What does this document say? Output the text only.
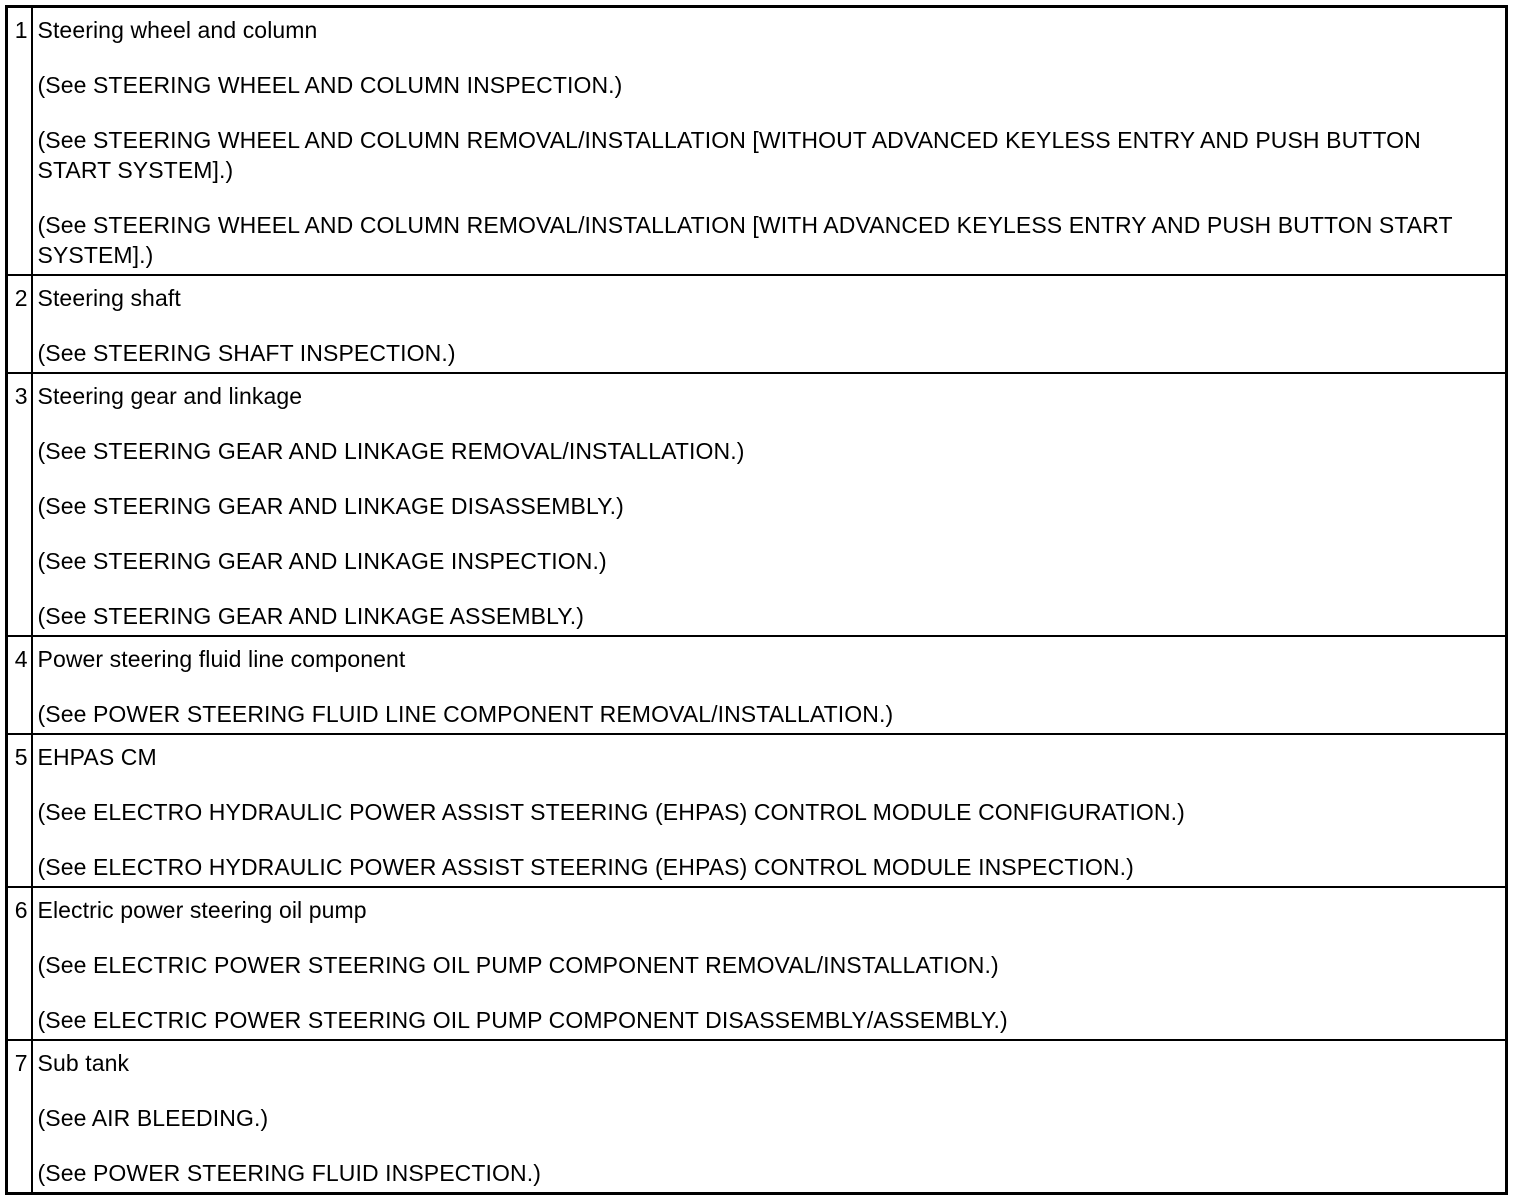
1	Steering wheel and column

(See STEERING WHEEL AND COLUMN INSPECTION.)

(See STEERING WHEEL AND COLUMN REMOVAL/INSTALLATION [WITHOUT ADVANCED KEYLESS ENTRY AND PUSH BUTTON START SYSTEM].)

(See STEERING WHEEL AND COLUMN REMOVAL/INSTALLATION [WITH ADVANCED KEYLESS ENTRY AND PUSH BUTTON START SYSTEM].)

2	Steering shaft

(See STEERING SHAFT INSPECTION.)

3	Steering gear and linkage

(See STEERING GEAR AND LINKAGE REMOVAL/INSTALLATION.)

(See STEERING GEAR AND LINKAGE DISASSEMBLY.)

(See STEERING GEAR AND LINKAGE INSPECTION.)

(See STEERING GEAR AND LINKAGE ASSEMBLY.)

4	Power steering fluid line component

(See POWER STEERING FLUID LINE COMPONENT REMOVAL/INSTALLATION.)

5	EHPAS CM

(See ELECTRO HYDRAULIC POWER ASSIST STEERING (EHPAS) CONTROL MODULE CONFIGURATION.)

(See ELECTRO HYDRAULIC POWER ASSIST STEERING (EHPAS) CONTROL MODULE INSPECTION.)

6	Electric power steering oil pump

(See ELECTRIC POWER STEERING OIL PUMP COMPONENT REMOVAL/INSTALLATION.)

(See ELECTRIC POWER STEERING OIL PUMP COMPONENT DISASSEMBLY/ASSEMBLY.)

7	Sub tank

(See AIR BLEEDING.)

(See POWER STEERING FLUID INSPECTION.)
